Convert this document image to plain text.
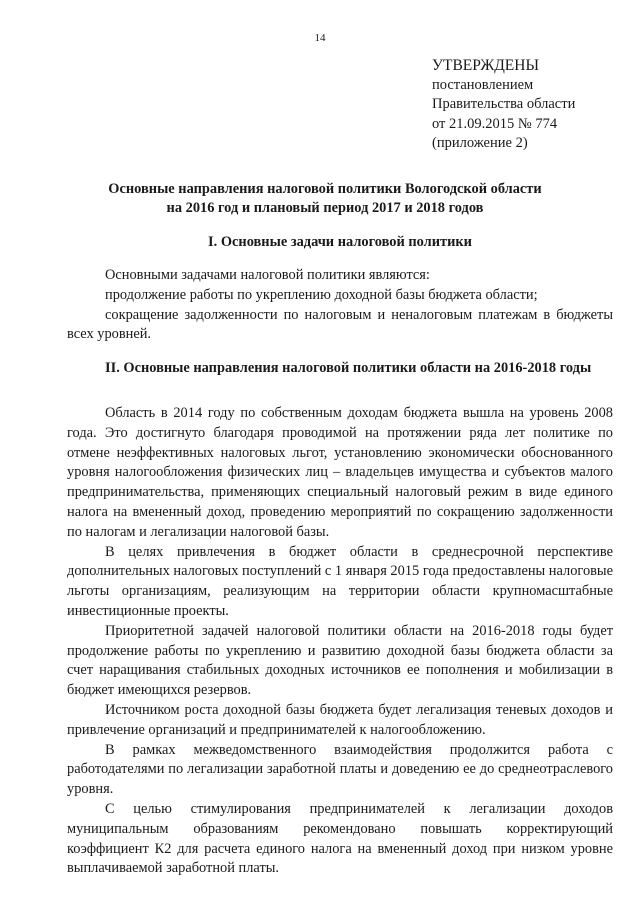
14
УТВЕРЖДЕНЫ
постановлением
Правительства области
от 21.09.2015 № 774
(приложение 2)
Основные направления налоговой политики Вологодской области
на 2016 год и плановый период 2017 и 2018 годов
I. Основные задачи налоговой политики

Основными задачами налоговой политики являются:

продолжение работы по укреплению доходной базы бюджета области;

сокращение задолженности по налоговым и неналоговым платежам в бюджеты всех уровней.

II. Основные направления налоговой политики области на 2016-2018 годы

Область в 2014 году по собственным доходам бюджета вышла на уровень 2008 года. Это достигнуто благодаря проводимой на протяжении ряда лет политике по отмене неэффективных налоговых льгот, установлению экономически обоснованного уровня налогообложения физических лиц – владельцев имущества и субъектов малого предпринимательства, применяющих специальный налоговый режим в виде единого налога на вмененный доход, проведению мероприятий по сокращению задолженности по налогам и легализации налоговой базы.

В целях привлечения в бюджет области в среднесрочной перспективе дополнительных налоговых поступлений с 1 января 2015 года предоставлены налоговые льготы организациям, реализующим на территории области крупномасштабные инвестиционные проекты.

Приоритетной задачей налоговой политики области на 2016-2018 годы будет продолжение работы по укреплению и развитию доходной базы бюджета области за счет наращивания стабильных доходных источников ее пополнения и мобилизации в бюджет имеющихся резервов.

Источником роста доходной базы бюджета будет легализация теневых доходов и привлечение организаций и предпринимателей к налогообложению.

В рамках межведомственного взаимодействия продолжится работа с работодателями по легализации заработной платы и доведению ее до среднеотраслевого уровня.

С целью стимулирования предпринимателей к легализации доходов муниципальным образованиям рекомендовано повышать корректирующий коэффициент К2 для расчета единого налога на вмененный доход при низком уровне выплачиваемой заработной платы.
